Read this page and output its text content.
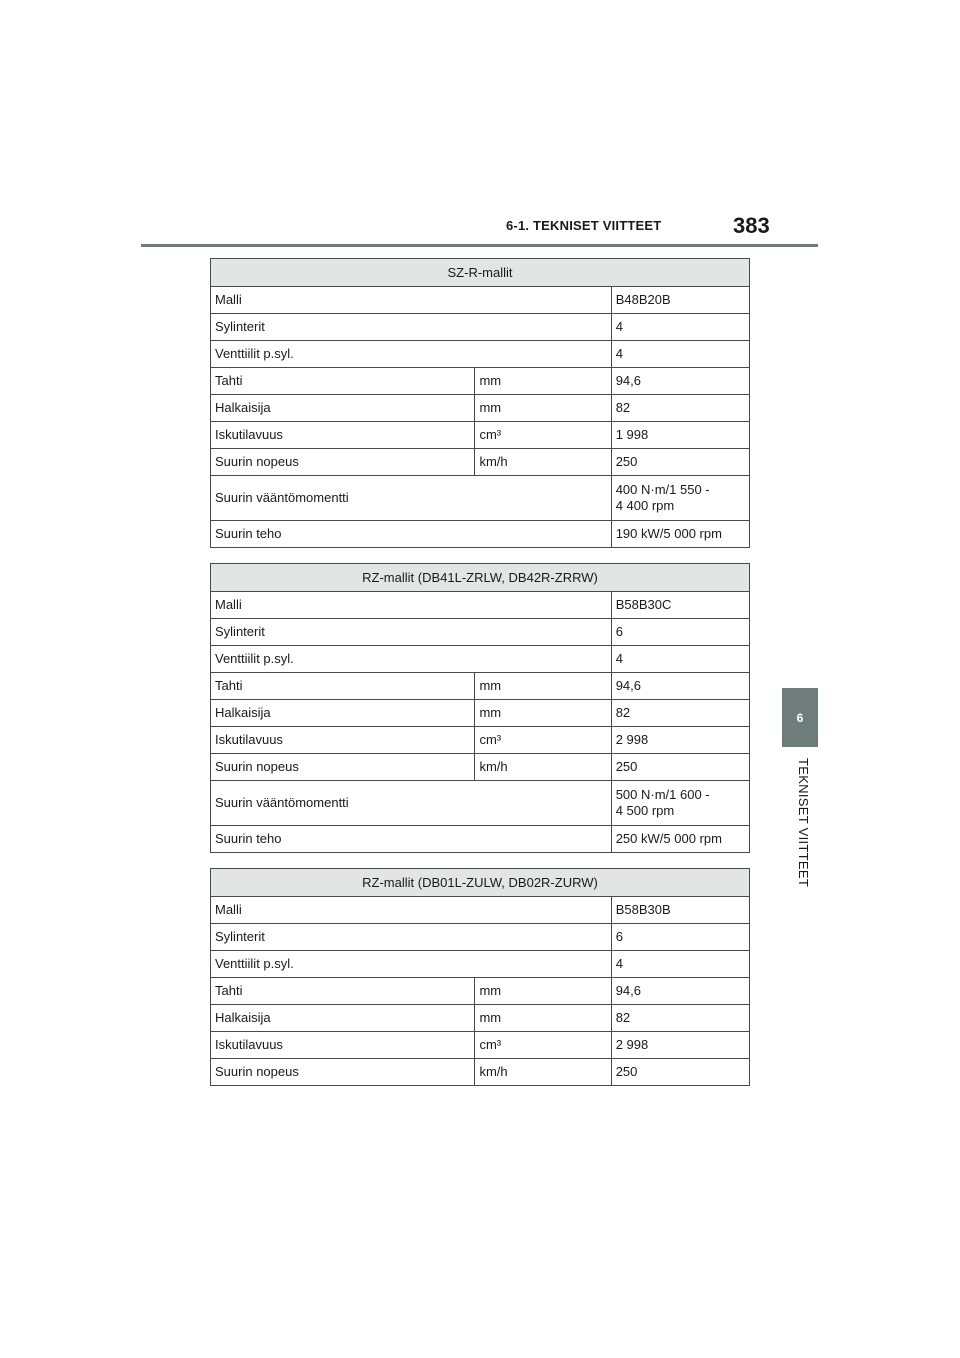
6-1. TEKNISET VIITTEET	383
6
TEKNISET VIITTEET
SZ-R-mallit		
Malli		B48B20B
Sylinterit		4
Venttiilit p.syl.		4
Tahti	mm	94,6
Halkaisija	mm	82
Iskutilavuus	cm³	1 998
Suurin nopeus	km/h	250
Suurin vääntömomentti		400 N·m/1 550 -
4 400 rpm

Suurin teho		190 kW/5 000 rpm
RZ-mallit (DB41L-ZRLW, DB42R-ZRRW)		
Malli		B58B30C
Sylinterit		6
Venttiilit p.syl.		4
Tahti	mm	94,6
Halkaisija	mm	82
Iskutilavuus	cm³	2 998
Suurin nopeus	km/h	250
Suurin vääntömomentti		500 N·m/1 600 -
4 500 rpm

Suurin teho		250 kW/5 000 rpm
RZ-mallit (DB01L-ZULW, DB02R-ZURW)		
Malli		B58B30B
Sylinterit		6
Venttiilit p.syl.		4
Tahti	mm	94,6
Halkaisija	mm	82
Iskutilavuus	cm³	2 998
Suurin nopeus	km/h	250
